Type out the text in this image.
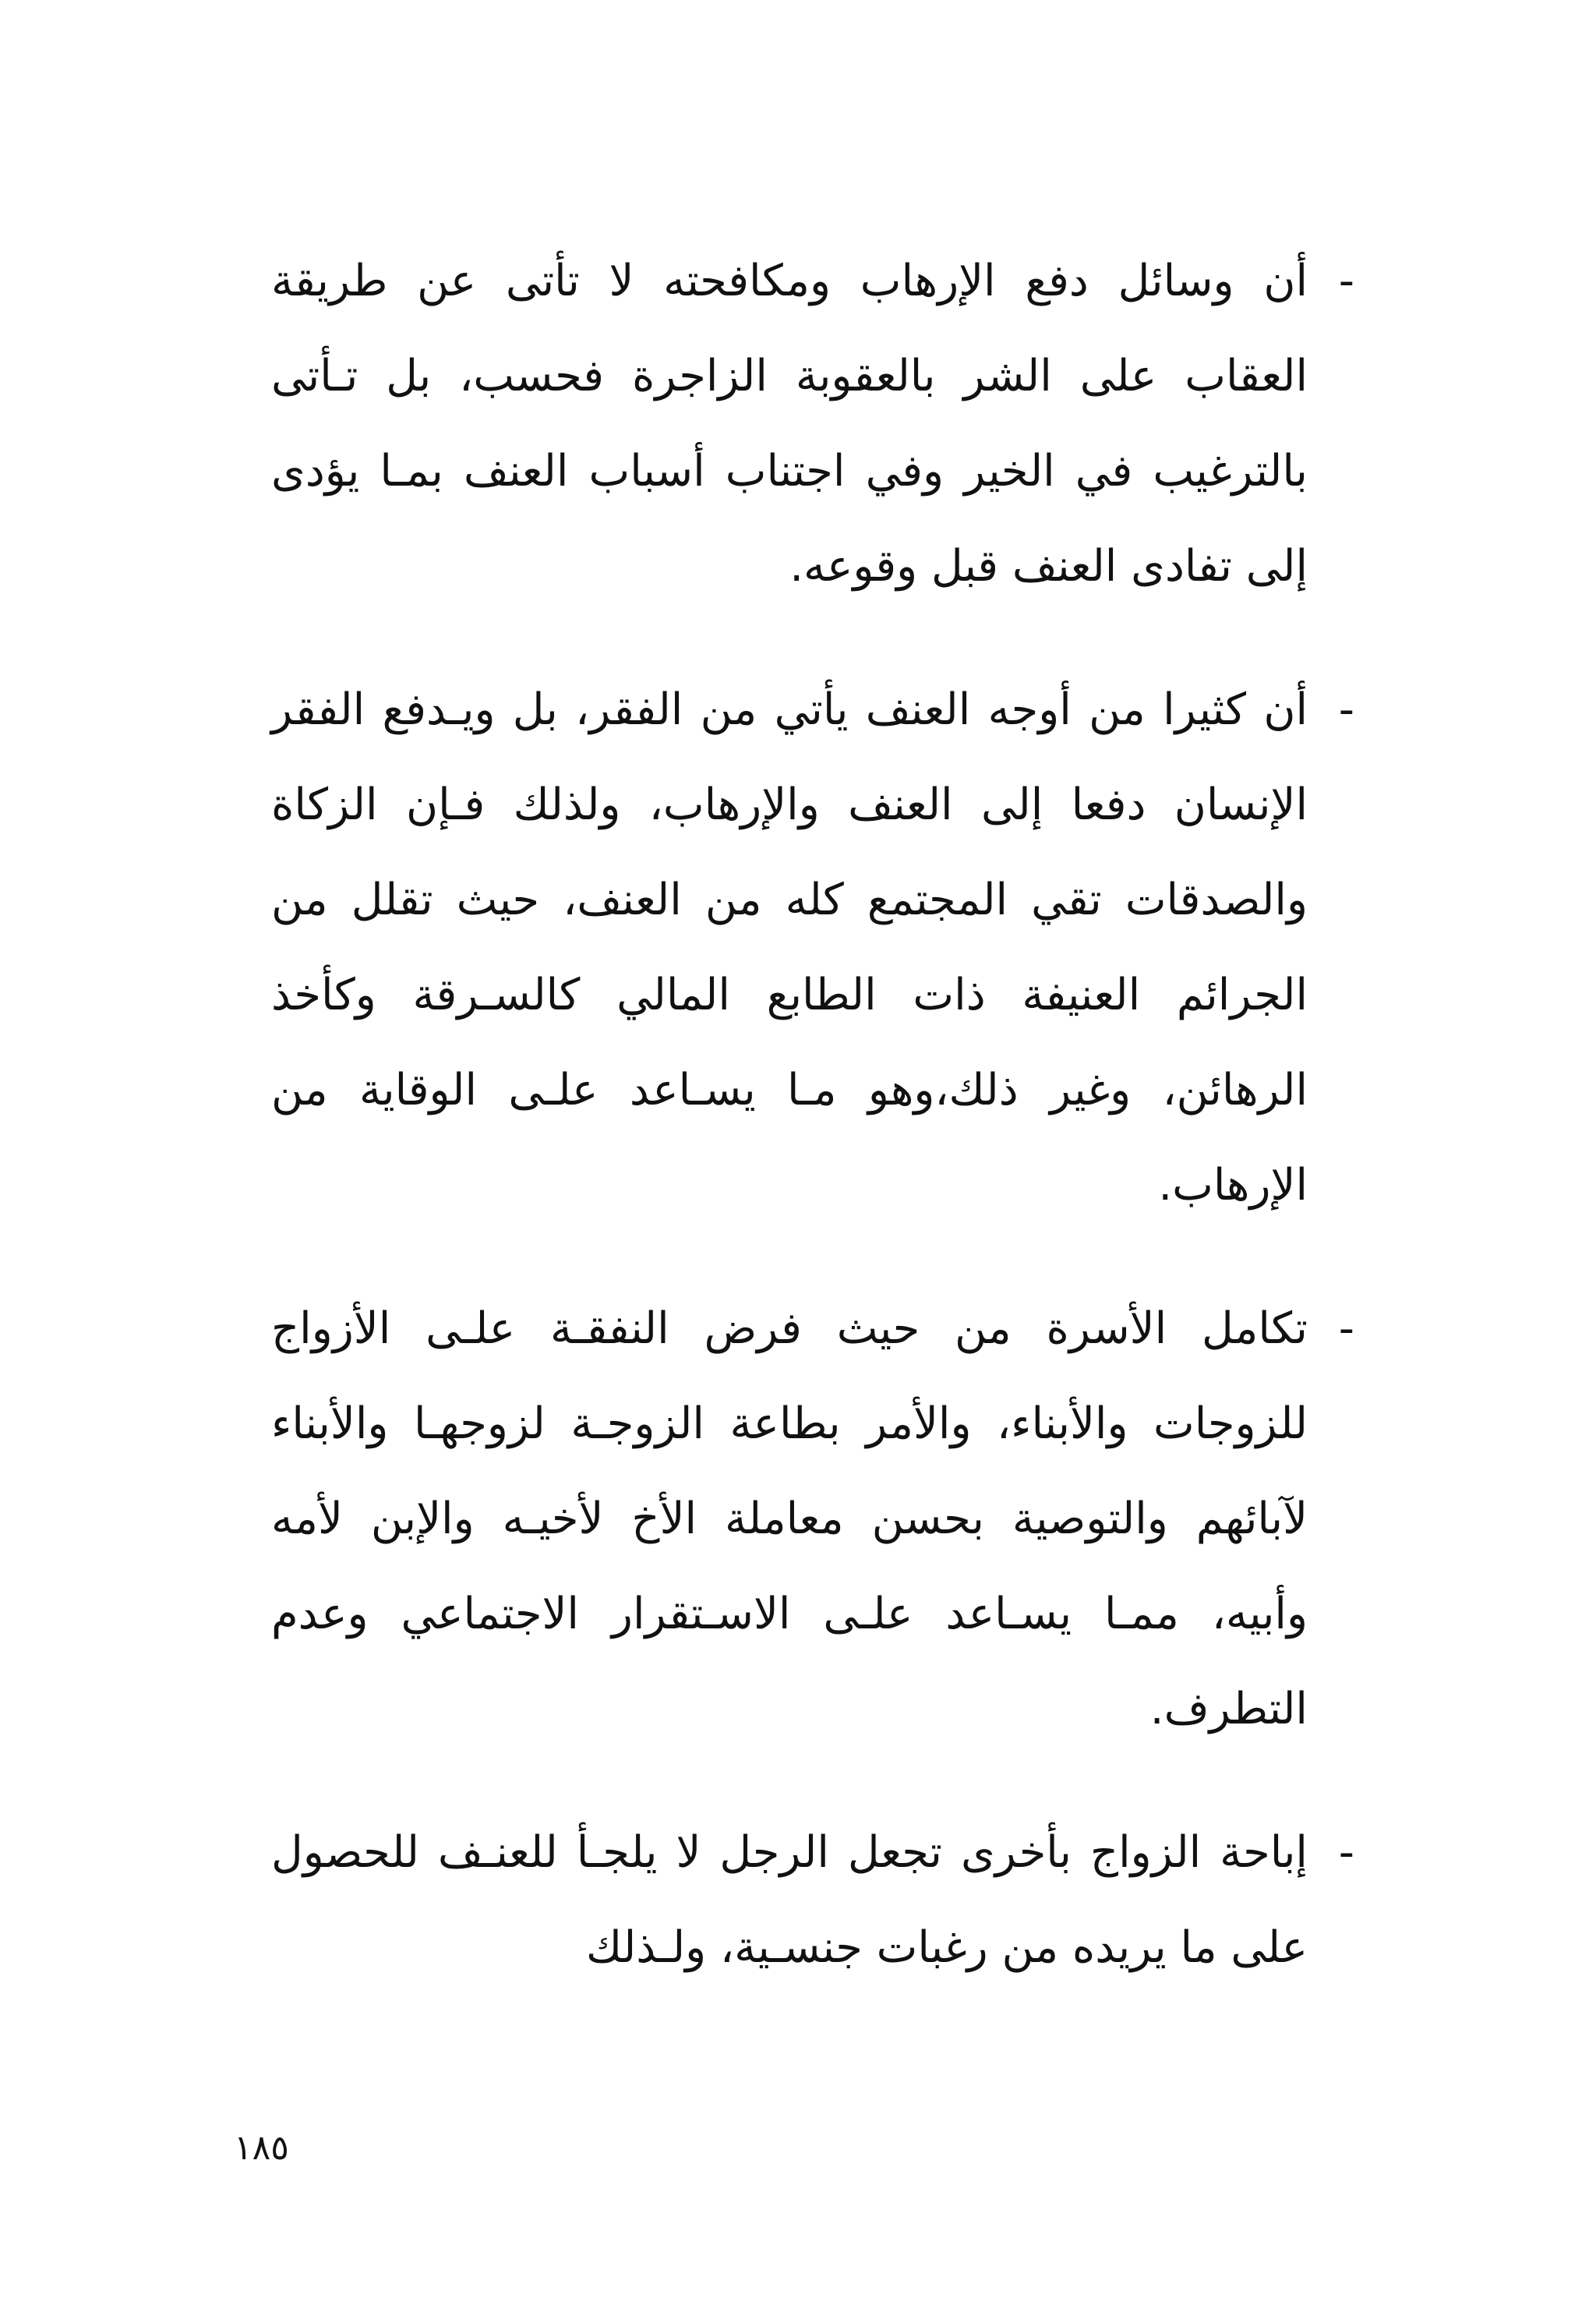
-

أن وسائل دفع الإرهاب ومكافحته لا تأتى عن طريقة العقاب على الشر بالعقوبة الزاجرة فحسب، بل تـأتى بالترغيب في الخير وفي اجتناب أسباب العنف بمـا يؤدى إلى تفادى العنف قبل وقوعه.

-

أن كثيرا من أوجه العنف يأتي من الفقر، بل ويـدفع الفقر الإنسان دفعا إلى العنف والإرهاب، ولذلك فـإن الزكاة والصدقات تقي المجتمع كله من العنف، حيث تقلل من الجرائم العنيفة ذات الطابع المالي كالسـرقة وكأخذ الرهائن، وغير ذلك،وهو مـا يسـاعد علـى الوقاية من الإرهاب.

-

تكامل الأسرة من حيث فرض النفقـة علـى الأزواج للزوجات والأبناء، والأمر بطاعة الزوجـة لزوجهـا والأبناء لآبائهم والتوصية بحسن معاملة الأخ لأخيـه والإبن لأمه وأبيه، ممـا يسـاعد علـى الاسـتقرار الاجتماعي وعدم التطرف.

-

إباحة الزواج بأخرى تجعل الرجل لا يلجـأ للعنـف للحصول على ما يريده من رغبات جنسـية، ولـذلك

١٨٥
